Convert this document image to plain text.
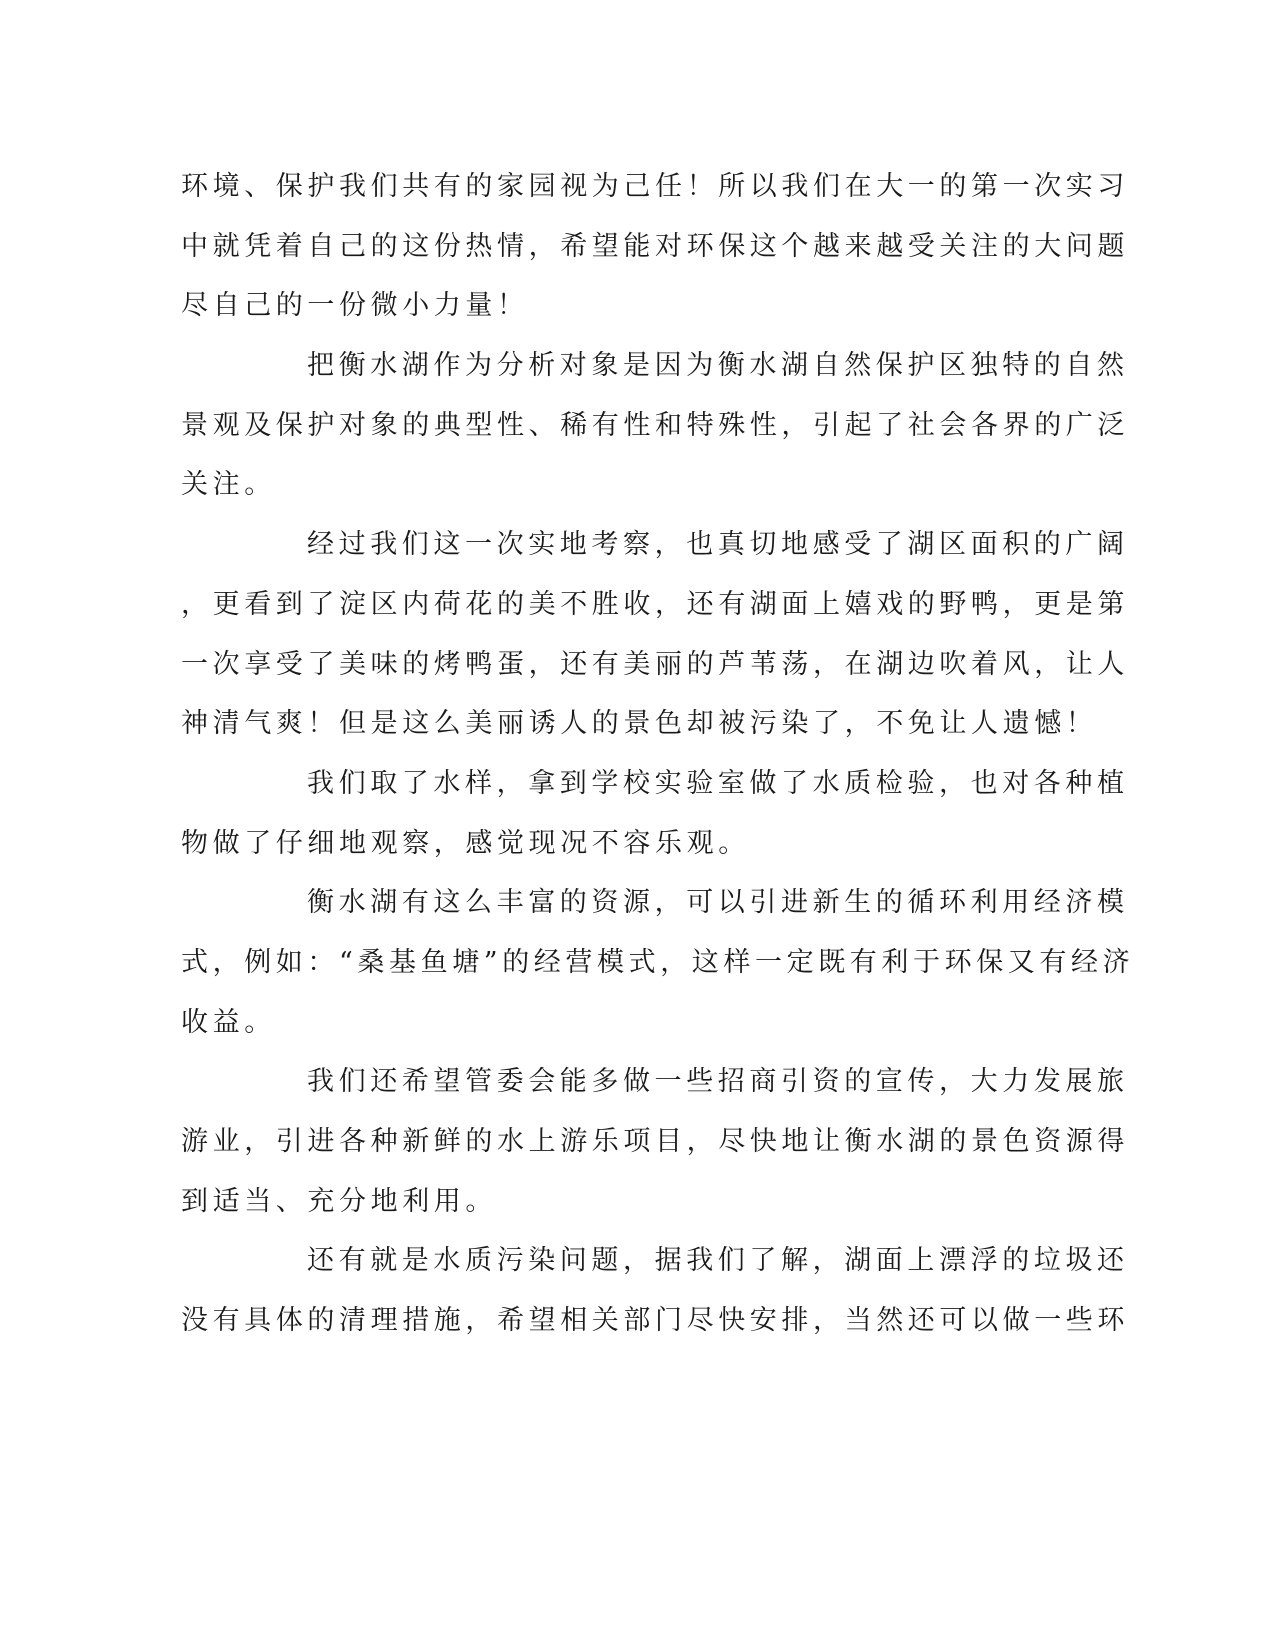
环境、保护我们共有的家园视为己任！所以我们在大一的第一次实习
中就凭着自己的这份热情，希望能对环保这个越来越受关注的大问题
尽自己的一份微小力量！
把衡水湖作为分析对象是因为衡水湖自然保护区独特的自然
景观及保护对象的典型性、稀有性和特殊性，引起了社会各界的广泛
关注。
经过我们这一次实地考察，也真切地感受了湖区面积的广阔
，更看到了淀区内荷花的美不胜收，还有湖面上嬉戏的野鸭，更是第
一次享受了美味的烤鸭蛋，还有美丽的芦苇荡，在湖边吹着风，让人
神清气爽！但是这么美丽诱人的景色却被污染了，不免让人遗憾！
我们取了水样，拿到学校实验室做了水质检验，也对各种植
物做了仔细地观察，感觉现况不容乐观。
衡水湖有这么丰富的资源，可以引进新生的循环利用经济模
式，例如：“桑基鱼塘”的经营模式，这样一定既有利于环保又有经济
收益。
我们还希望管委会能多做一些招商引资的宣传，大力发展旅
游业，引进各种新鲜的水上游乐项目，尽快地让衡水湖的景色资源得
到适当、充分地利用。
还有就是水质污染问题，据我们了解，湖面上漂浮的垃圾还
没有具体的清理措施，希望相关部门尽快安排，当然还可以做一些环
